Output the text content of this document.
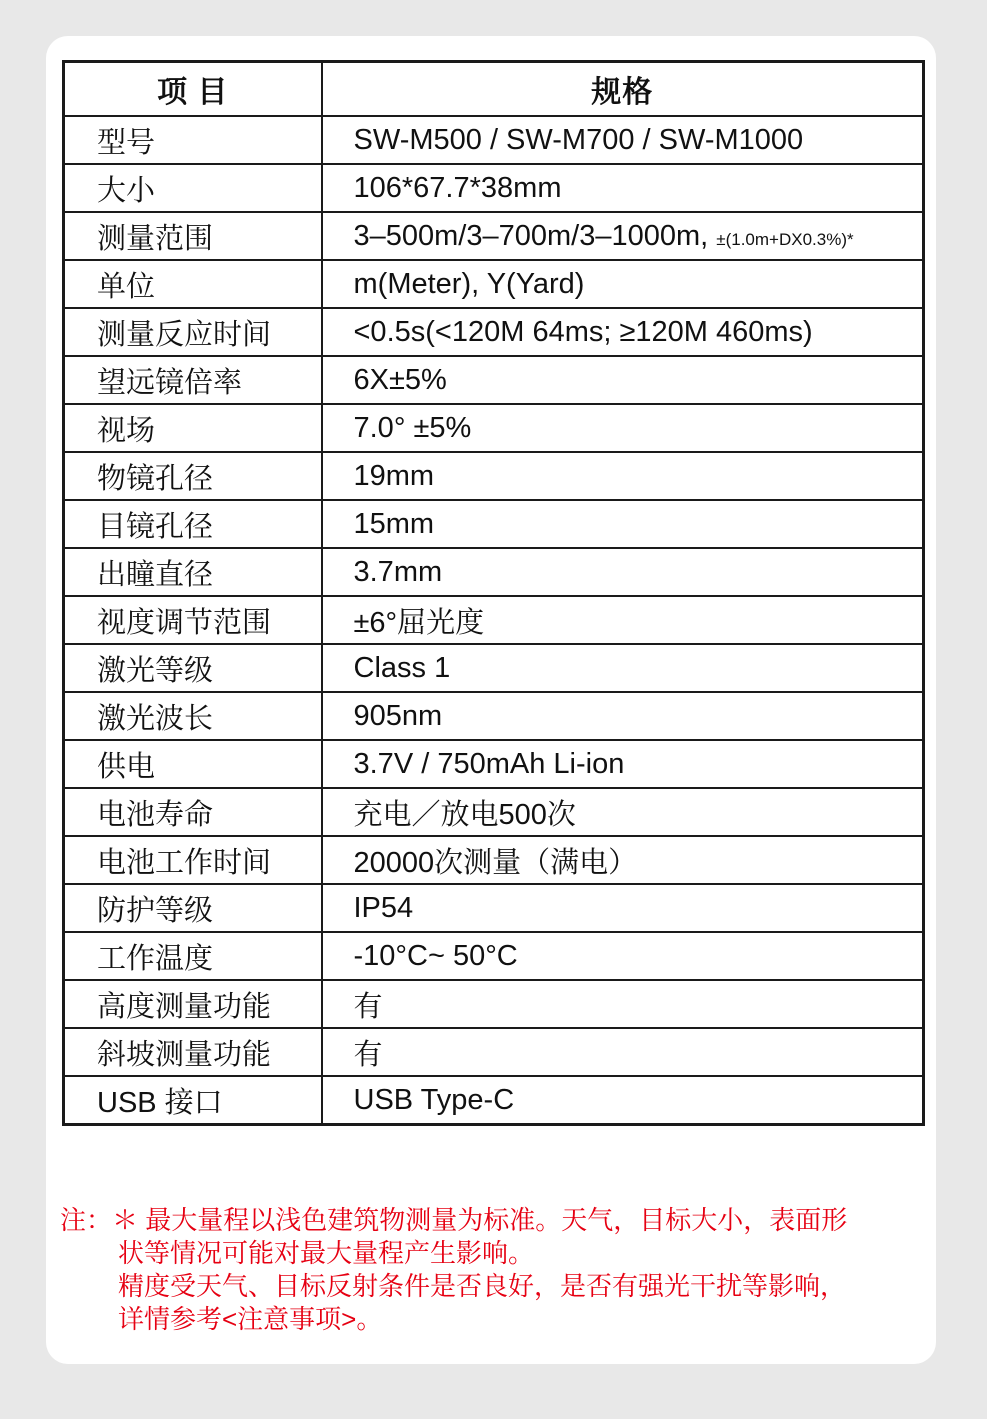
项 目	规格
型号	SW-M500 / SW-M700 / SW-M1000
大小	106*67.7*38mm
测量范围	3–500m/3–700m/3–1000m, ±(1.0m+DX0.3%)*
单位	m(Meter), Y(Yard)
测量反应时间	<0.5s(<120M 64ms; ≥120M 460ms)
望远镜倍率	6X±5%
视场	7.0° ±5%
物镜孔径	19mm
目镜孔径	15mm
出瞳直径	3.7mm
视度调节范围	±6°屈光度
激光等级	Class 1
激光波长	905nm
供电	3.7V / 750mAh Li-ion
电池寿命	充电／放电500次
电池工作时间	20000次测量（满电）
防护等级	IP54
工作温度	-10°C~ 50°C
高度测量功能	有
斜坡测量功能	有
USB 接口	USB Type-C
注：＊ 最大量程以浅色建筑物测量为标准。天气，目标大小，表面形
状等情况可能对最大量程产生影响。
精度受天气、目标反射条件是否良好，是否有强光干扰等影响，
详情参考<注意事项>。
